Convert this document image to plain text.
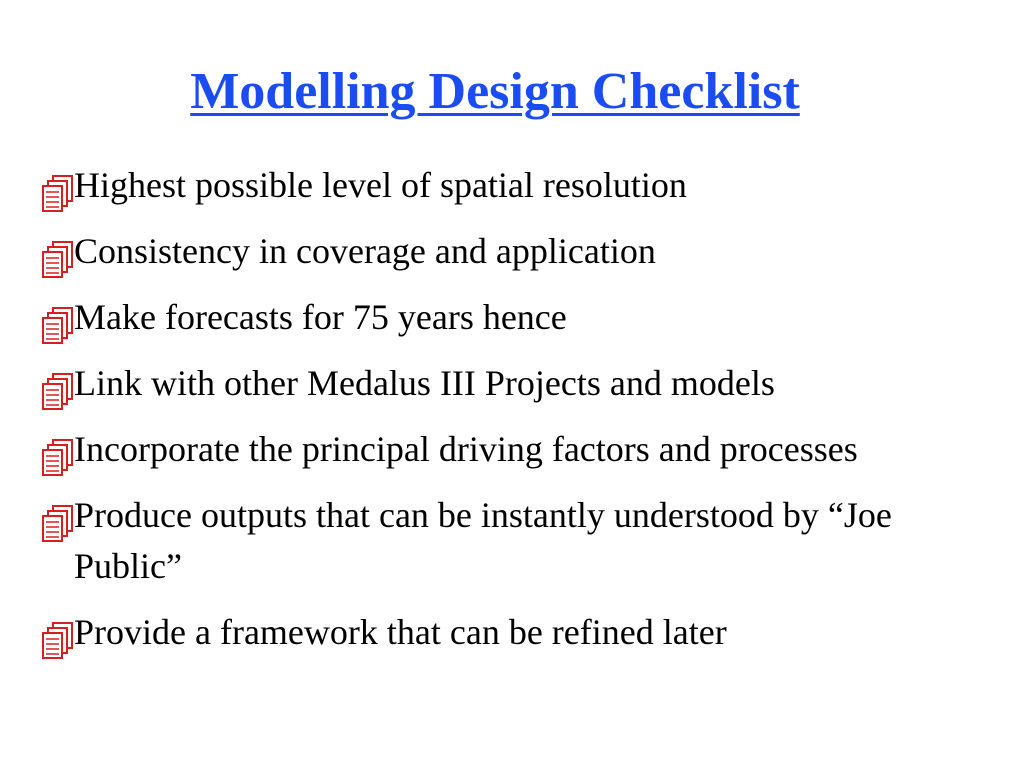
Modelling Design Checklist
Highest possible level of spatial resolution
Consistency in coverage and application
Make forecasts for 75 years hence
Link with other Medalus III Projects and models
Incorporate the principal driving factors and processes
Produce outputs that can be instantly understood by “Joe Public”
Provide a framework that can be refined later
